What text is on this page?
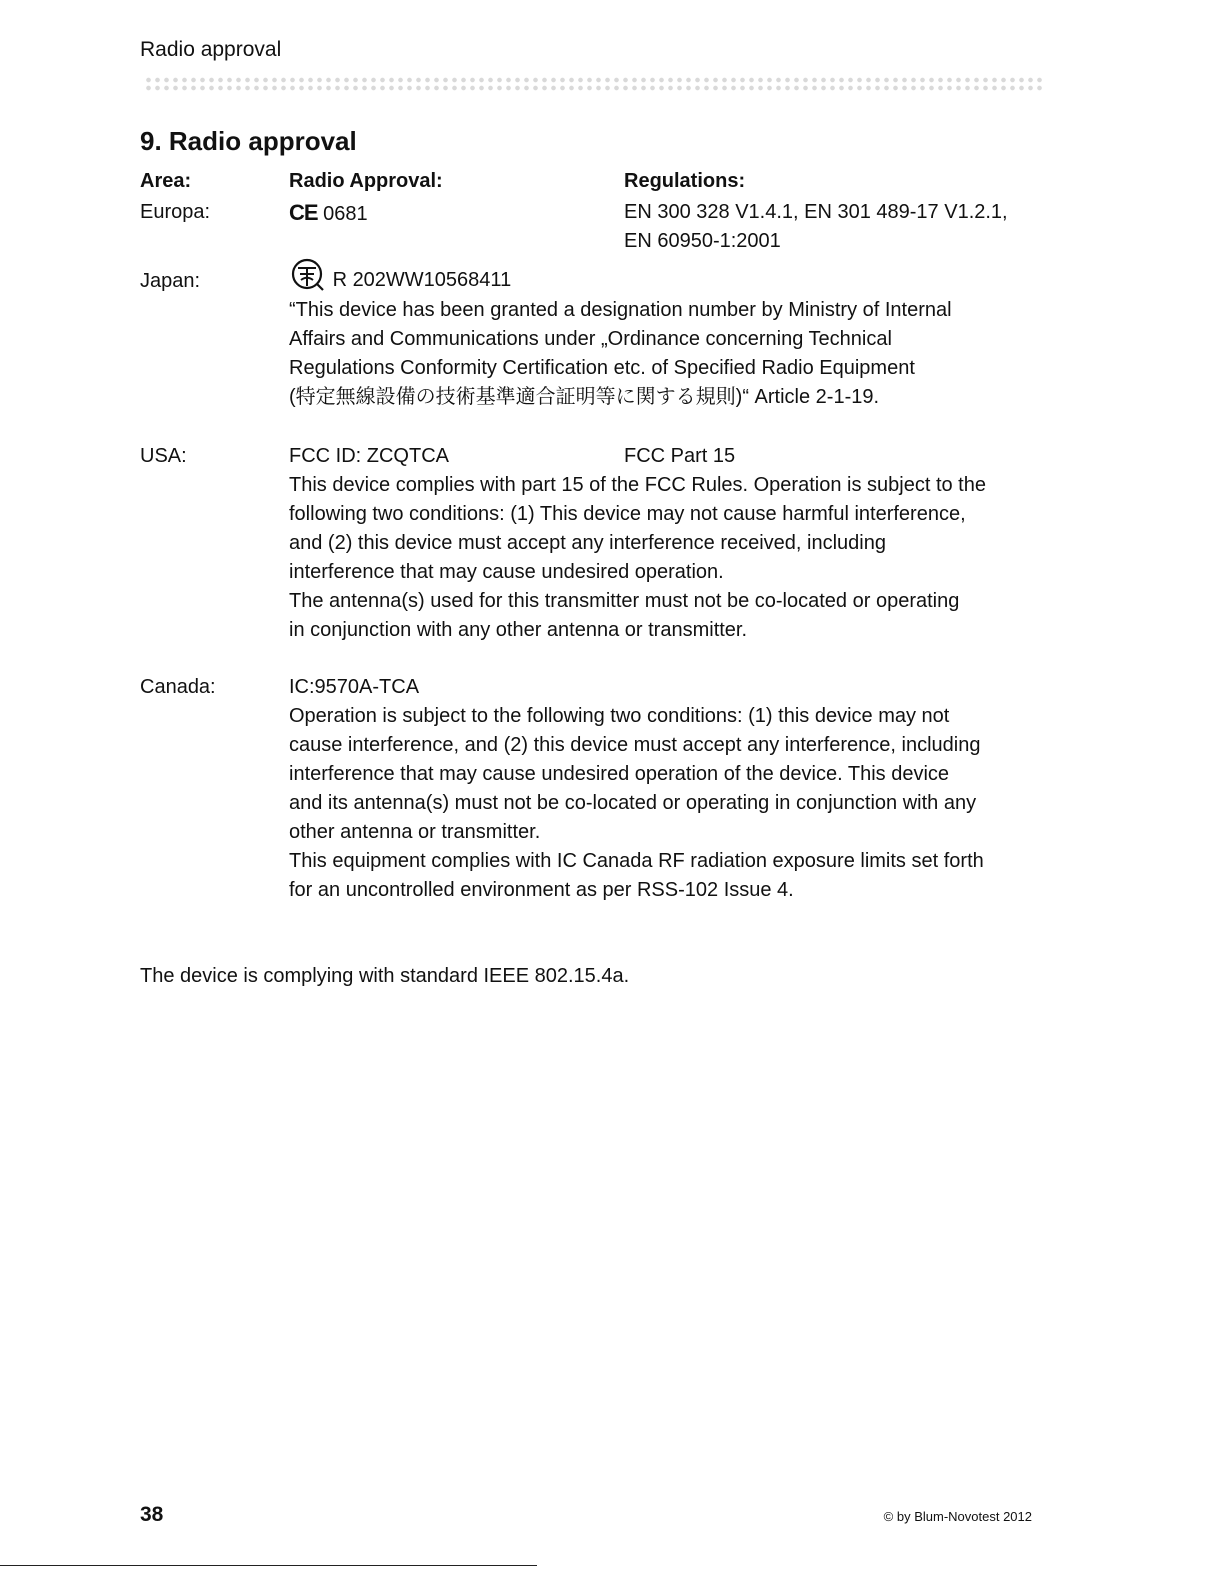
Radio approval
9. Radio approval
Area:	Radio Approval:	Regulations:
Europa:	CE 0681	EN 300 328 V1.4.1, EN 301 489-17 V1.2.1,
EN 60950-1:2001
Japan:	R 202WW10568411
“This device has been granted a designation number by Ministry of Internal
Affairs and Communications under „Ordinance concerning Technical
Regulations Conformity Certification etc. of Specified Radio Equipment
(特定無線設備の技術基準適合証明等に関する規則)“ Article 2-1-19.
USA:	FCC ID: ZCQTCA	FCC Part 15
This device complies with part 15 of the FCC Rules. Operation is subject to the
following two conditions: (1) This device may not cause harmful interference,
and (2) this device must accept any interference received, including
interference that may cause undesired operation.
The antenna(s) used for this transmitter must not be co-located or operating
in conjunction with any other antenna or transmitter.
Canada:	IC:9570A-TCA
Operation is subject to the following two conditions: (1) this device may not
cause interference, and (2) this device must accept any interference, including
interference that may cause undesired operation of the device. This device
and its antenna(s) must not be co-located or operating in conjunction with any
other antenna or transmitter.
This equipment complies with IC Canada RF radiation exposure limits set forth
for an uncontrolled environment as per RSS-102 Issue 4.
The device is complying with standard IEEE 802.15.4a.
38	© by Blum-Novotest 2012
